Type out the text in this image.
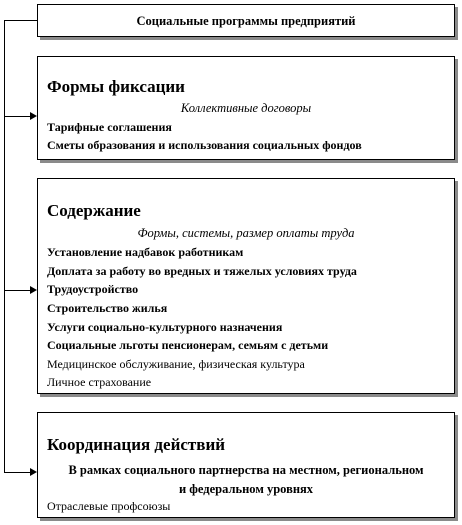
Социальные программы предприятий
Формы фиксации
Коллективные договоры
Тарифные соглашения
Сметы образования и использования социальных фондов
Содержание
Формы, системы, размер оплаты труда
Установление надбавок работникам
Доплата за работу во вредных и тяжелых условиях труда
Трудоустройство
Строительство жилья
Услуги социально-культурного назначения
Социальные льготы пенсионерам, семьям с детьми
Медицинское обслуживание, физическая культура
Личное страхование
Координация действий
В рамках социального партнерства на местном, региональном и федеральном уровнях
Отраслевые профсоюзы
